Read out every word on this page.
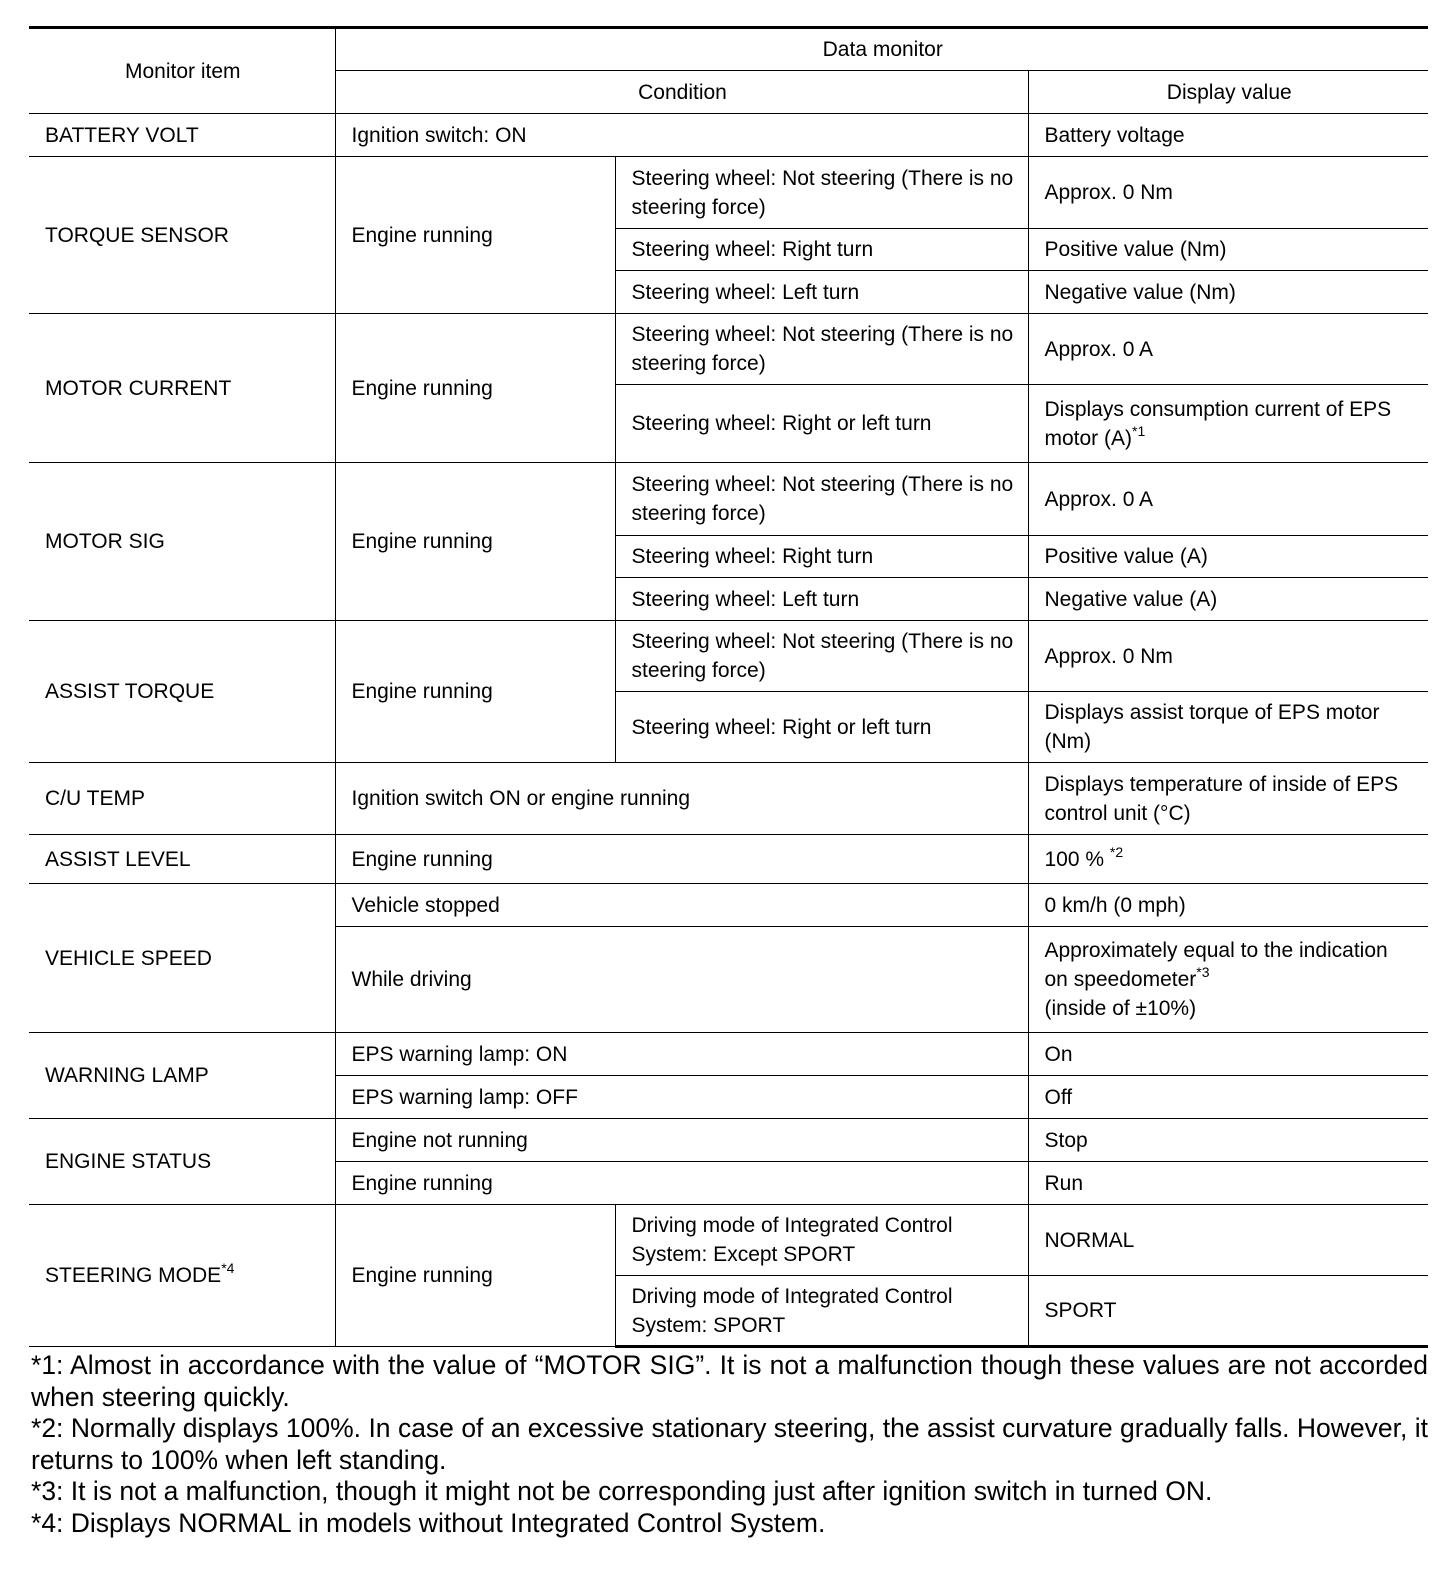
Monitor item	Data monitor		
	Condition		Display value
BATTERY VOLT	Ignition switch: ON		Battery voltage
TORQUE SENSOR	Engine running	Steering wheel: Not steering (There is no steering force)	Approx. 0 Nm
		Steering wheel: Right turn	Positive value (Nm)
		Steering wheel: Left turn	Negative value (Nm)
MOTOR CURRENT	Engine running	Steering wheel: Not steering (There is no steering force)	Approx. 0 A
		Steering wheel: Right or left turn	Displays consumption current of EPS motor $(A)^{*1}$
MOTOR SIG	Engine running	Steering wheel: Not steering (There is no steering force)	Approx. 0 A
		Steering wheel: Right turn	Positive value (A)
		Steering wheel: Left turn	Negative value (A)
ASSIST TORQUE	Engine running	Steering wheel: Not steering (There is no steering force)	Approx. 0 Nm
		Steering wheel: Right or left turn	Displays assist torque of EPS motor (Nm)
C/U TEMP	Ignition switch ON or engine running		Displays temperature of inside of EPS control unit (°C)
ASSIST LEVEL	Engine running		100 % $^{*2}$
VEHICLE SPEED	Vehicle stopped		0 km/h (0 mph)
	While driving		Approximately equal to the indication on speedometer$^{*3}$
(inside of ±10%)
WARNING LAMP	EPS warning lamp: ON		On
	EPS warning lamp: OFF		Off
ENGINE STATUS	Engine not running		Stop
	Engine running		Run
STEERING MODE$^{*4}$	Engine running	Driving mode of Integrated Control System: Except SPORT	NORMAL
		Driving mode of Integrated Control System: SPORT	SPORT

*1: Almost in accordance with the value of “MOTOR SIG”. It is not a malfunction though these values are not accorded when steering quickly.

*2: Normally displays 100%. In case of an excessive stationary steering, the assist curvature gradually falls. However, it returns to 100% when left standing.

*3: It is not a malfunction, though it might not be corresponding just after ignition switch in turned ON.

*4: Displays NORMAL in models without Integrated Control System.
